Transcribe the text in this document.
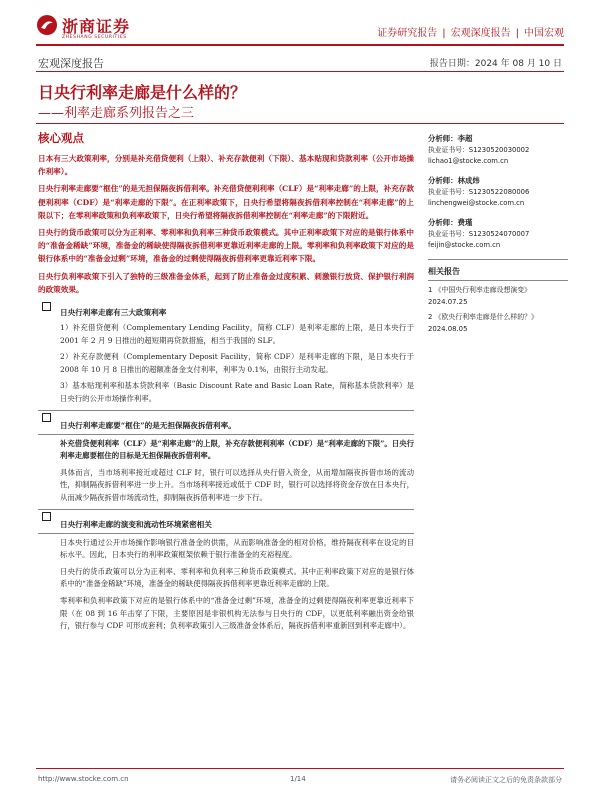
浙商证券
ZHESHANG SECURITIES	证券研究报告 | 宏观深度报告 | 中国宏观
宏观深度报告	报告日期：2024 年 08 月 10 日
日央行利率走廊是什么样的？
——利率走廊系列报告之三
核心观点

日本有三大政策利率，分别是补充借贷便利（上限）、补充存款便利（下限）、基本贴现和贷款利率（公开市场操作利率）。

日央行利率走廊要“框住”的是无担保隔夜拆借利率。补充借贷便利利率（CLF）是“利率走廊”的上限，补充存款便利利率（CDF）是“利率走廊的下限”。在正利率政策下，日央行希望将隔夜拆借利率控制在“利率走廊”的上限以下；在零利率政策和负利率政策下，日央行希望将隔夜拆借利率控制在“利率走廊”的下限附近。

日央行的货币政策可以分为正利率、零利率和负利率三种货币政策模式。其中正利率政策下对应的是银行体系中的“准备金稀缺”环境，准备金的稀缺使得隔夜拆借利率更靠近利率走廊的上限。零利率和负利率政策下对应的是银行体系中的“准备金过剩”环境，准备金的过剩使得隔夜拆借利率更靠近利率下限。

日央行负利率政策下引入了独特的三级准备金体系，起到了防止准备金过度积累、刺激银行放贷、保护银行利润的政策效果。

日央行利率走廊有三大政策利率

1）补充借贷便利（Complementary Lending Facility，简称 CLF）是利率走廊的上限，是日本央行于 2001 年 2 月 9 日推出的超短期再贷款措施，相当于我国的 SLF。

2）补充存款便利（Complementary Deposit Facility，简称 CDF）是利率走廊的下限，是日本央行于 2008 年 10 月 8 日推出的超额准备金支付利率，利率为 0.1%，由银行主动发起。

3）基本贴现利率和基本贷款利率（Basic Discount Rate and Basic Loan Rate，简称基本贷款利率）是日央行的公开市场操作利率。

日央行利率走廊要“框住”的是无担保隔夜拆借利率。

补充借贷便利利率（CLF）是“利率走廊”的上限，补充存款便利利率（CDF）是“利率走廊的下限”。日央行利率走廊要框住的目标是无担保隔夜拆借利率。

具体而言，当市场利率接近或超过 CLF 时，银行可以选择从央行借入资金，从而增加隔夜拆借市场的流动性，抑制隔夜拆借利率进一步上升。当市场利率接近或低于 CDF 时，银行可以选择将资金存放在日本央行，从而减少隔夜拆借市场流动性，抑制隔夜拆借利率进一步下行。

日央行利率走廊的演变和流动性环境紧密相关

日本央行通过公开市场操作影响银行准备金的供需，从而影响准备金的相对价格，维持隔夜利率在设定的目标水平。因此，日本央行的利率政策框架依赖于银行准备金的充裕程度。

日央行的货币政策可以分为正利率、零利率和负利率三种货币政策模式。其中正利率政策下对应的是银行体系中的“准备金稀缺”环境，准备金的稀缺使得隔夜拆借利率更靠近利率走廊的上限。

零利率和负利率政策下对应的是银行体系中的“准备金过剩”环境，准备金的过剩使得隔夜利率更靠近利率下限（在 08 到 16 年击穿了下限，主要原因是非银机构无法参与日央行的 CDF，以更低利率融出资金给银行，银行参与 CDF 可形成套利；负利率政策引入三级准备金体系后，隔夜拆借利率重新回到利率走廊中）。

分析师：李超
执业证书号：S1230520030002
lichao1@stocke.com.cn
分析师：林成炜
执业证书号：S1230522080006
linchengwei@stocke.com.cn
分析师：费瑾
执业证书号：S1230524070007
feijin@stocke.com.cn
相关报告
1 《中国央行利率走廊设想演变》 2024.07.25
2 《欧央行利率走廊是什么样的？》 2024.08.05
http://www.stocke.com.cn	1/14	请务必阅读正文之后的免责条款部分
